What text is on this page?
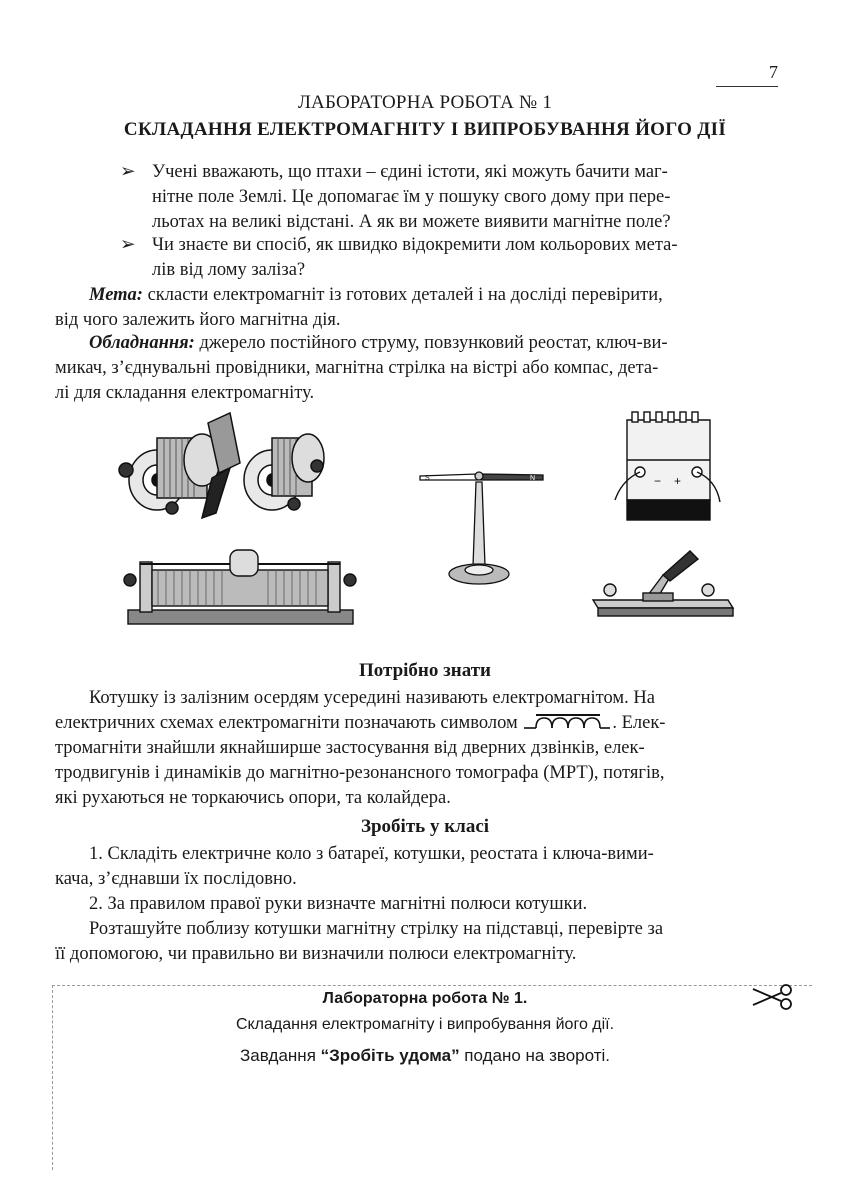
7
ЛАБОРАТОРНА РОБОТА № 1
СКЛАДАННЯ ЕЛЕКТРОМАГНІТУ І ВИПРОБУВАННЯ ЙОГО ДІЇ
➢ Учені вважають, що птахи – єдині істоти, які можуть бачити маг-
нітне поле Землі. Це допомагає їм у пошуку свого дому при пере-
льотах на великі відстані. А як ви можете виявити магнітне поле?
➢ Чи знаєте ви спосіб, як швидко відокремити лом кольорових мета-
лів від лому заліза?
Мета: скласти електромагніт із готових деталей і на досліді перевірити,
від чого залежить його магнітна дія.
Обладнання: джерело постійного струму, повзунковий реостат, ключ-ви-
микач, з’єднувальні провідники, магнітна стрілка на вістрі або компас, дета-
лі для складання електромагніту.
S	N	− +
Потрібно знати
Котушку із залізним осердям усередині називають електромагнітом. На
електричних схемах електромагніти позначають символом	. Елек-
тромагніти знайшли якнайширше застосування від дверних дзвінків, елек-
тродвигунів і динаміків до магнітно-резонансного томографа (МРТ), потягів,
які рухаються не торкаючись опори, та колайдера.
Зробіть у класі
1. Складіть електричне коло з батареї, котушки, реостата і ключа-вими-
кача, з’єднавши їх послідовно.
2. За правилом правої руки визначте магнітні полюси котушки.
Розташуйте поблизу котушки магнітну стрілку на підставці, перевірте за
її допомогою, чи правильно ви визначили полюси електромагніту.
Лабораторна робота № 1.
Складання електромагніту і випробування його дії.
Завдання “Зробіть удома” подано на звороті.
